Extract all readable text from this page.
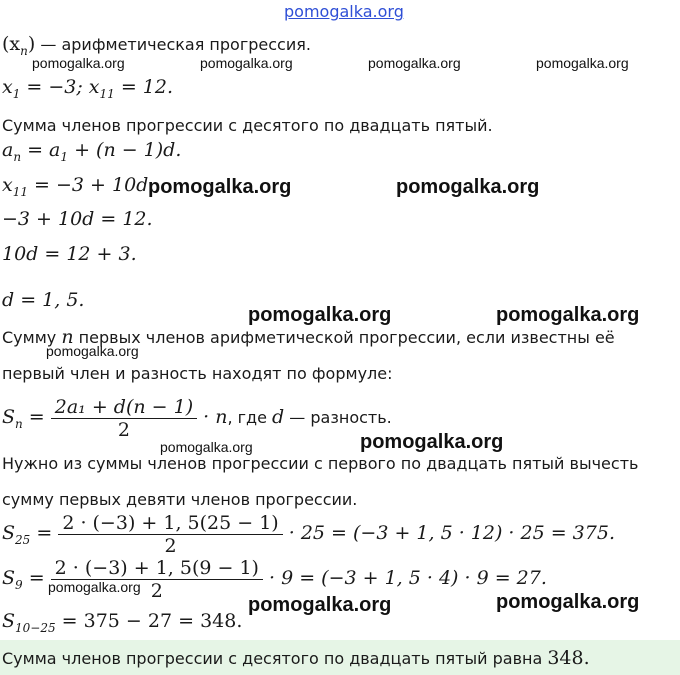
pomogalka.org
$(x_n)$ — арифметическая прогрессия.
pomogalka.org	pomogalka.org	pomogalka.org	pomogalka.org
$x_1 = -3$; $x_{11} = 12$.
Сумма членов прогрессии с десятого по двадцать пятый.
$a_n = a_1 + (n - 1)d$.
$x_{11} = -3 + 10d$.
pomogalka.org	pomogalka.org
−3 + 10d = 12.
10d = 12 + 3.
d = 1, 5.
pomogalka.org	pomogalka.org
Сумму n первых членов арифметической прогрессии, если известны её
pomogalka.org
первый член и разность находят по формуле:
$S_n = \frac{\text{2a₁ + d(n − 1)}}{2} \cdot n$, где d — разность.
pomogalka.org	pomogalka.org
Нужно из суммы членов прогрессии с первого по двадцать пятый вычесть
сумму первых девяти членов прогрессии.
$S_{25} = \frac{2 \cdot (-3) + 1, 5(25 - 1)}{2} \cdot 25 = (-3 + 1$, 5 · 12) · 25 = 375.
$S_9 = \frac{2 \cdot (-3) + 1, 5(9 - 1)}{2} \cdot 9 = (-3 + 1$, 5 · 4) · 9 = 27.
pomogalka.org
pomogalka.org	pomogalka.org
$S_{10-25} = 375 - 27 = 348$.
Сумма членов прогрессии с десятого по двадцать пятый равна 348.
